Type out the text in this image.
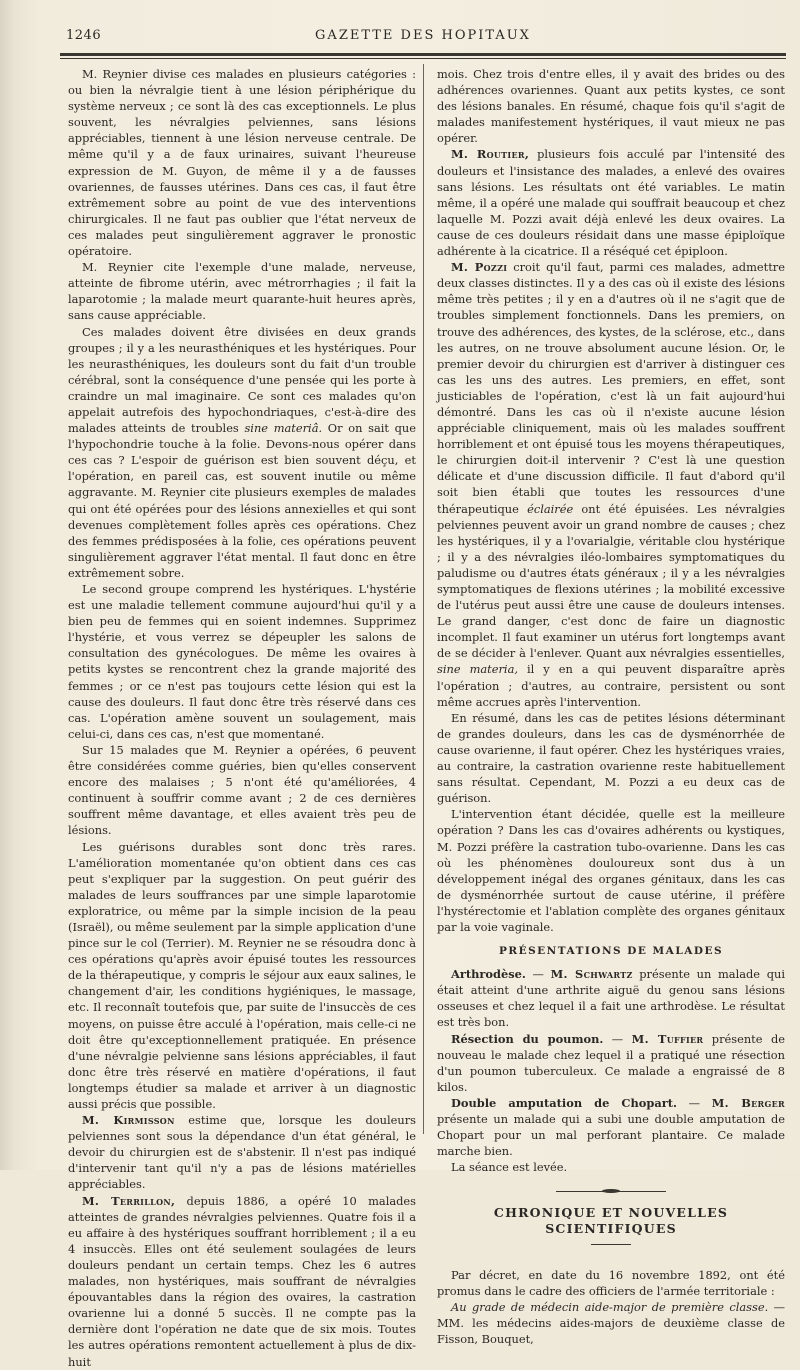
1246	GAZETTE DES HOPITAUX

M. Reynier divise ces malades en plusieurs catégories : ou bien la névralgie tient à une lésion périphérique du système nerveux ; ce sont là des cas exceptionnels. Le plus souvent, les névralgies pelviennes, sans lésions appréciables, tiennent à une lésion nerveuse centrale. De même qu'il y a de faux urinaires, suivant l'heureuse expression de M. Guyon, de même il y a de fausses ovariennes, de fausses utérines. Dans ces cas, il faut être extrêmement sobre au point de vue des interventions chirurgicales. Il ne faut pas oublier que l'état nerveux de ces malades peut singulièrement aggraver le pronostic opératoire.

M. Reynier cite l'exemple d'une malade, nerveuse, atteinte de fibrome utérin, avec métrorrhagies ; il fait la laparotomie ; la malade meurt quarante-huit heures après, sans cause appréciable.

Ces malades doivent être divisées en deux grands groupes ; il y a les neurasthéniques et les hystériques. Pour les neurasthéniques, les douleurs sont du fait d'un trouble cérébral, sont la conséquence d'une pensée qui les porte à craindre un mal imaginaire. Ce sont ces malades qu'on appelait autrefois des hypochondriaques, c'est-à-dire des malades atteints de troubles sine materiâ. Or on sait que l'hypochondrie touche à la folie. Devons-nous opérer dans ces cas ? L'espoir de guérison est bien souvent déçu, et l'opération, en pareil cas, est souvent inutile ou même aggravante. M. Reynier cite plusieurs exemples de malades qui ont été opérées pour des lésions annexielles et qui sont devenues complètement folles après ces opérations. Chez des femmes prédisposées à la folie, ces opérations peuvent singulièrement aggraver l'état mental. Il faut donc en être extrêmement sobre.

Le second groupe comprend les hystériques. L'hystérie est une maladie tellement commune aujourd'hui qu'il y a bien peu de femmes qui en soient indemnes. Supprimez l'hystérie, et vous verrez se dépeupler les salons de consultation des gynécologues. De même les ovaires à petits kystes se rencontrent chez la grande majorité des femmes ; or ce n'est pas toujours cette lésion qui est la cause des douleurs. Il faut donc être très réservé dans ces cas. L'opération amène souvent un soulagement, mais celui-ci, dans ces cas, n'est que momentané.

Sur 15 malades que M. Reynier a opérées, 6 peuvent être considérées comme guéries, bien qu'elles conservent encore des malaises ; 5 n'ont été qu'améliorées, 4 continuent à souffrir comme avant ; 2 de ces dernières souffrent même davantage, et elles avaient très peu de lésions.

Les guérisons durables sont donc très rares. L'amélioration momentanée qu'on obtient dans ces cas peut s'expliquer par la suggestion. On peut guérir des malades de leurs souffrances par une simple laparotomie exploratrice, ou même par la simple incision de la peau (Israël), ou même seulement par la simple application d'une pince sur le col (Terrier). M. Reynier ne se résoudra donc à ces opérations qu'après avoir épuisé toutes les ressources de la thérapeutique, y compris le séjour aux eaux salines, le changement d'air, les conditions hygiéniques, le massage, etc. Il reconnaît toutefois que, par suite de l'insuccès de ces moyens, on puisse être acculé à l'opération, mais celle-ci ne doit être qu'exceptionnellement pratiquée. En présence d'une névralgie pelvienne sans lésions appréciables, il faut donc être très réservé en matière d'opérations, il faut longtemps étudier sa malade et arriver à un diagnostic aussi précis que possible.

M. Kirmisson estime que, lorsque les douleurs pelviennes sont sous la dépendance d'un état général, le devoir du chirurgien est de s'abstenir. Il n'est pas indiqué d'intervenir tant qu'il n'y a pas de lésions matérielles appréciables.

M. Terrillon, depuis 1886, a opéré 10 malades atteintes de grandes névralgies pelviennes. Quatre fois il a eu affaire à des hystériques souffrant horriblement ; il a eu 4 insuccès. Elles ont été seulement soulagées de leurs douleurs pendant un certain temps. Chez les 6 autres malades, non hystériques, mais souffrant de névralgies épouvantables dans la région des ovaires, la castration ovarienne lui a donné 5 succès. Il ne compte pas la dernière dont l'opération ne date que de six mois. Toutes les autres opérations remontent actuellement à plus de dix-huit

mois. Chez trois d'entre elles, il y avait des brides ou des adhérences ovariennes. Quant aux petits kystes, ce sont des lésions banales. En résumé, chaque fois qu'il s'agit de malades manifestement hystériques, il vaut mieux ne pas opérer.

M. Routier, plusieurs fois acculé par l'intensité des douleurs et l'insistance des malades, a enlevé des ovaires sans lésions. Les résultats ont été variables. Le matin même, il a opéré une malade qui souffrait beaucoup et chez laquelle M. Pozzi avait déjà enlevé les deux ovaires. La cause de ces douleurs résidait dans une masse épiploïque adhérente à la cicatrice. Il a réséqué cet épiploon.

M. Pozzi croit qu'il faut, parmi ces malades, admettre deux classes distinctes. Il y a des cas où il existe des lésions même très petites ; il y en a d'autres où il ne s'agit que de troubles simplement fonctionnels. Dans les premiers, on trouve des adhérences, des kystes, de la sclérose, etc., dans les autres, on ne trouve absolument aucune lésion. Or, le premier devoir du chirurgien est d'arriver à distinguer ces cas les uns des autres. Les premiers, en effet, sont justiciables de l'opération, c'est là un fait aujourd'hui démontré. Dans les cas où il n'existe aucune lésion appréciable cliniquement, mais où les malades souffrent horriblement et ont épuisé tous les moyens thérapeutiques, le chirurgien doit-il intervenir ? C'est là une question délicate et d'une discussion difficile. Il faut d'abord qu'il soit bien établi que toutes les ressources d'une thérapeutique éclairée ont été épuisées. Les névralgies pelviennes peuvent avoir un grand nombre de causes ; chez les hystériques, il y a l'ovarialgie, véritable clou hystérique ; il y a des névralgies iléo-lombaires symptomatiques du paludisme ou d'autres états généraux ; il y a les névralgies symptomatiques de flexions utérines ; la mobilité excessive de l'utérus peut aussi être une cause de douleurs intenses. Le grand danger, c'est donc de faire un diagnostic incomplet. Il faut examiner un utérus fort longtemps avant de se décider à l'enlever. Quant aux névralgies essentielles, sine materia, il y en a qui peuvent disparaître après l'opération ; d'autres, au contraire, persistent ou sont même accrues après l'intervention.

En résumé, dans les cas de petites lésions déterminant de grandes douleurs, dans les cas de dysménorrhée de cause ovarienne, il faut opérer. Chez les hystériques vraies, au contraire, la castration ovarienne reste habituellement sans résultat. Cependant, M. Pozzi a eu deux cas de guérison.

L'intervention étant décidée, quelle est la meilleure opération ? Dans les cas d'ovaires adhérents ou kystiques, M. Pozzi préfère la castration tubo-ovarienne. Dans les cas où les phénomènes douloureux sont dus à un développement inégal des organes génitaux, dans les cas de dysménorrhée surtout de cause utérine, il préfère l'hystérectomie et l'ablation complète des organes génitaux par la voie vaginale.

PRÉSENTATIONS DE MALADES

Arthrodèse. — M. Schwartz présente un malade qui était atteint d'une arthrite aiguë du genou sans lésions osseuses et chez lequel il a fait une arthrodèse. Le résultat est très bon.

Résection du poumon. — M. Tuffier présente de nouveau le malade chez lequel il a pratiqué une résection d'un poumon tuberculeux. Ce malade a engraissé de 8 kilos.

Double amputation de Chopart. — M. Berger présente un malade qui a subi une double amputation de Chopart pour un mal perforant plantaire. Ce malade marche bien.

La séance est levée.

CHRONIQUE ET NOUVELLES SCIENTIFIQUES

Par décret, en date du 16 novembre 1892, ont été promus dans le cadre des officiers de l'armée territoriale :

Au grade de médecin aide-major de première classe. — MM. les médecins aides-majors de deuxième classe de Fisson, Bouquet,
